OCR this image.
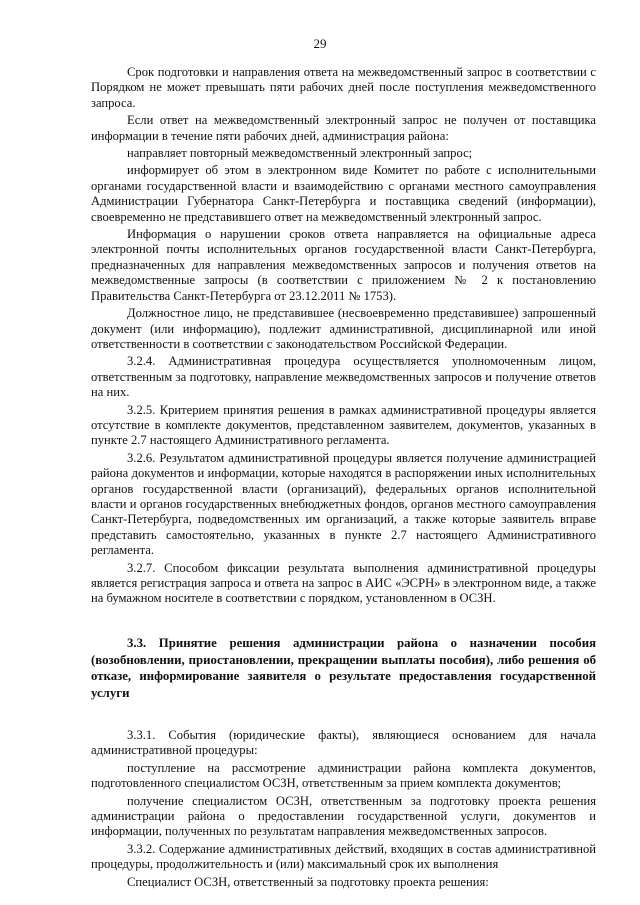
29

Срок подготовки и направления ответа на межведомственный запрос в соответствии с Порядком не может превышать пяти рабочих дней после поступления межведомственного запроса.

Если ответ на межведомственный электронный запрос не получен от поставщика информации в течение пяти рабочих дней, администрация района:

направляет повторный межведомственный электронный запрос;

информирует об этом в электронном виде Комитет по работе с исполнительными органами государственной власти и взаимодействию с органами местного самоуправления Администрации Губернатора Санкт-Петербурга и поставщика сведений (информации), своевременно не представившего ответ на межведомственный электронный запрос.

Информация о нарушении сроков ответа направляется на официальные адреса электронной почты исполнительных органов государственной власти Санкт-Петербурга, предназначенных для направления межведомственных запросов и получения ответов на межведомственные запросы (в соответствии с приложением № 2 к постановлению Правительства Санкт-Петербурга от 23.12.2011 № 1753).

Должностное лицо, не представившее (несвоевременно представившее) запрошенный документ (или информацию), подлежит административной, дисциплинарной или иной ответственности в соответствии с законодательством Российской Федерации.

3.2.4. Административная процедура осуществляется уполномоченным лицом, ответственным за подготовку, направление межведомственных запросов и получение ответов на них.

3.2.5. Критерием принятия решения в рамках административной процедуры является отсутствие в комплекте документов, представленном заявителем, документов, указанных в пункте 2.7 настоящего Административного регламента.

3.2.6. Результатом административной процедуры является получение администрацией района документов и информации, которые находятся в распоряжении иных исполнительных органов государственной власти (организаций), федеральных органов исполнительной власти и органов государственных внебюджетных фондов, органов местного самоуправления Санкт-Петербурга, подведомственных им организаций, а также которые заявитель вправе представить самостоятельно, указанных в пункте 2.7 настоящего Административного регламента.

3.2.7. Способом фиксации результата выполнения административной процедуры является регистрация запроса и ответа на запрос в АИС «ЭСРН» в электронном виде, а также на бумажном носителе в соответствии с порядком, установленном в ОСЗН.

3.3. Принятие решения администрации района о назначении пособия (возобновлении, приостановлении, прекращении выплаты пособия), либо решения об отказе, информирование заявителя о результате предоставления государственной услуги

3.3.1. События (юридические факты), являющиеся основанием для начала административной процедуры:

поступление на рассмотрение администрации района комплекта документов, подготовленного специалистом ОСЗН, ответственным за прием комплекта документов;

получение специалистом ОСЗН, ответственным за подготовку проекта решения администрации района о предоставлении государственной услуги, документов и информации, полученных по результатам направления межведомственных запросов.

3.3.2. Содержание административных действий, входящих в состав административной процедуры, продолжительность и (или) максимальный срок их выполнения

Специалист ОСЗН, ответственный за подготовку проекта решения:
